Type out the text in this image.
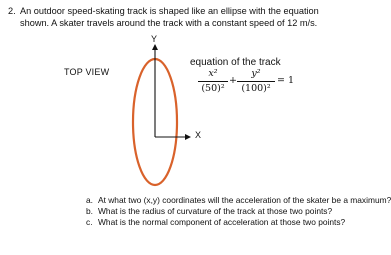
2. An outdoor speed-skating track is shaped like an ellipse with the equation shown. A skater travels around the track with a constant speed of 12 m/s.
TOP VIEW
Y
X
equation of the track
x²
(50)²
+
y²
(100)²
= 1
a. At what two (x,y) coordinates will the acceleration of the skater be a maximum?
b. What is the radius of curvature of the track at those two points?
c. What is the normal component of acceleration at those two points?
